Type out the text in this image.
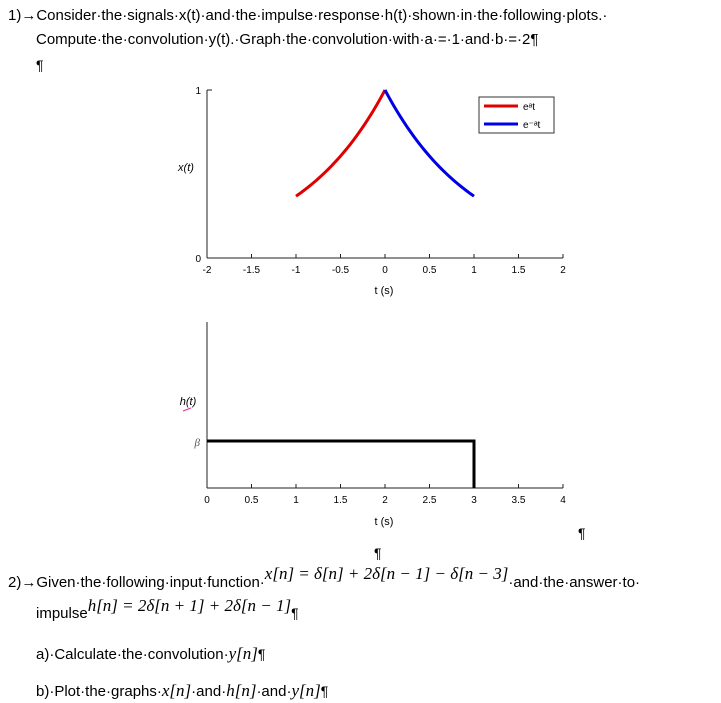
1)→Consider·the·signals·x(t)·and·the·impulse·response·h(t)·shown·in·the·following·plots.·
Compute·the·convolution·y(t).·Graph·the·convolution·with·a·=·1·and·b·=·2¶
¶
-2	-1.5	-1	-0.5	0	0.5	1	1.5	2
1
0
x(t)
t (s)
eᵃt
e⁻ᵃt
0	0.5	1	1.5	2	2.5	3	3.5	4
β
h(t)
t (s)
¶
¶
2)→Given·the·following·input·function·x[n] = δ[n] + 2δ[n − 1] − δ[n − 3]·and·the·answer·to·
impulseh[n] = 2δ[n + 1] + 2δ[n − 1]¶
a)·Calculate·the·convolution·y[n]¶
b)·Plot·the·graphs·x[n]·and·h[n]·and·y[n]¶
